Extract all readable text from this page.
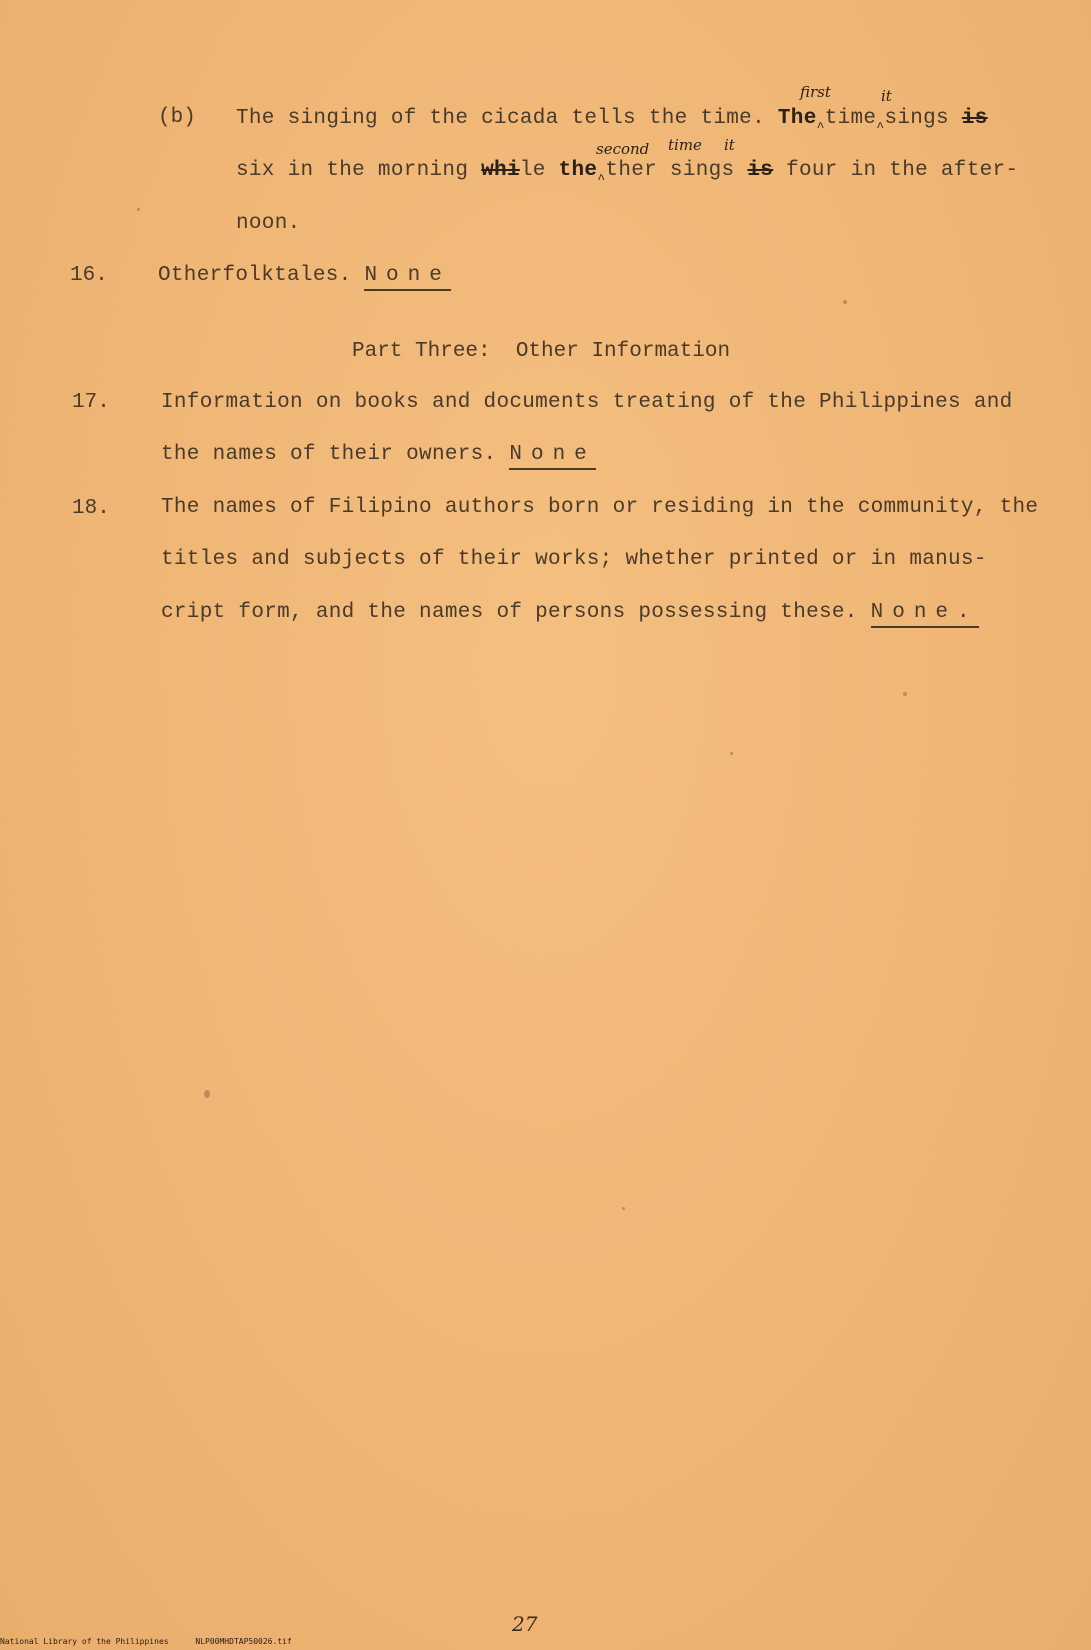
(b)
first	it
The singing of the cicada tells the time. The$_{\^{}}$time$_{\^{}}$sings is
second time it
six in the morning while the$_{\^{}}$ther sings is four in the after-
noon.
16. Otherfolktales. None
Part Three:  Other Information
17. Information on books and documents treating of the Philippines and
the names of their owners. None
18. The names of Filipino authors born or residing in the community, the
titles and subjects of their works; whether printed or in manus-
cript form, and the names of persons possessing these. None.
27
National Library of the Philippines	NLP00MHDTAP50026.tif
